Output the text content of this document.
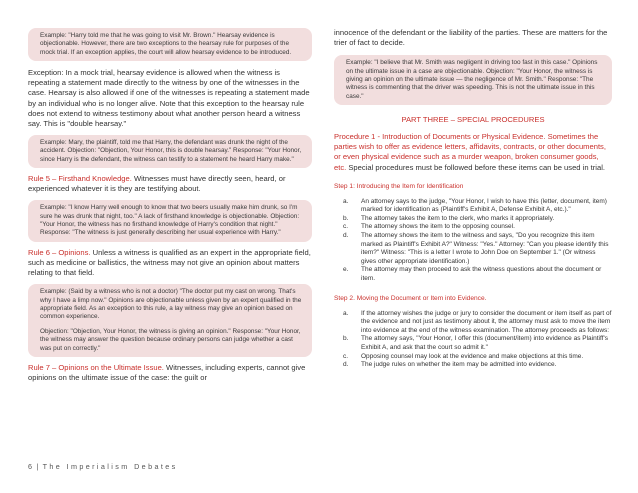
Example: "Harry told me that he was going to visit Mr. Brown." Hearsay evidence is objectionable. However, there are two exceptions to the hearsay rule for purposes of the mock trial. If an exception applies, the court will allow hearsay evidence to be introduced.

Exception: In a mock trial, hearsay evidence is allowed when the witness is repeating a statement made directly to the witness by one of the witnesses in the case. Hearsay is also allowed if one of the witnesses is repeating a statement made by an individual who is no longer alive. Note that this exception to the hearsay rule does not extend to witness testimony about what another person heard a witness say. This is "double hearsay."

Example: Mary, the plaintiff, told me that Harry, the defendant was drunk the night of the accident. Objection: "Objection, Your Honor, this is double hearsay." Response: "Your Honor, since Harry is the defendant, the witness can testify to a statement he heard Harry make."

Rule 5 – Firsthand Knowledge. Witnesses must have directly seen, heard, or experienced whatever it is they are testifying about.

Example: "I know Harry well enough to know that two beers usually make him drunk, so I'm sure he was drunk that night, too." A lack of firsthand knowledge is objectionable. Objection: "Your Honor, the witness has no firsthand knowledge of Harry's condition that night." Response: "The witness is just generally describing her usual experience with Harry."

Rule 6 – Opinions. Unless a witness is qualified as an expert in the appropriate field, such as medicine or ballistics, the witness may not give an opinion about matters relating to that field.

Example: (Said by a witness who is not a doctor) "The doctor put my cast on wrong. That's why I have a limp now." Opinions are objectionable unless given by an expert qualified in the appropriate field. As an exception to this rule, a lay witness may give an opinion based on common experience.

Objection: "Objection, Your Honor, the witness is giving an opinion." Response: "Your Honor, the witness may answer the question because ordinary persons can judge whether a cast was put on correctly."

Rule 7 – Opinions on the Ultimate Issue. Witnesses, including experts, cannot give opinions on the ultimate issue of the case: the guilt or

innocence of the defendant or the liability of the parties. These are matters for the trier of fact to decide.

Example: "I believe that Mr. Smith was negligent in driving too fast in this case." Opinions on the ultimate issue in a case are objectionable. Objection: "Your Honor, the witness is giving an opinion on the ultimate issue — the negligence of Mr. Smith." Response: "The witness is commenting that the driver was speeding. This is not the ultimate issue in this case."

PART THREE – SPECIAL PROCEDURES

Procedure 1 - Introduction of Documents or Physical Evidence. Sometimes the parties wish to offer as evidence letters, affidavits, contracts, or other documents, or even physical evidence such as a murder weapon, broken consumer goods, etc. Special procedures must be followed before these items can be used in trial.

Step 1: Introducing the Item for Identification

a. An attorney says to the judge, "Your Honor, I wish to have this (letter, document, item) marked for identification as (Plaintiff's Exhibit A, Defense Exhibit A, etc.)."
b. The attorney takes the item to the clerk, who marks it appropriately.
c. The attorney shows the item to the opposing counsel.
d. The attorney shows the item to the witness and says, "Do you recognize this item marked as Plaintiff's Exhibit A?" Witness: "Yes." Attorney: "Can you please identify this item?" Witness: "This is a letter I wrote to John Doe on September 1." (Or witness gives other appropriate identification.)
e. The attorney may then proceed to ask the witness questions about the document or item.

Step 2. Moving the Document or Item into Evidence.

a. If the attorney wishes the judge or jury to consider the document or item itself as part of the evidence and not just as testimony about it, the attorney must ask to move the item into evidence at the end of the witness examination. The attorney proceeds as follows:
b. The attorney says, "Your Honor, I offer this (document/item) into evidence as Plaintiff's Exhibit A, and ask that the court so admit it."
c. Opposing counsel may look at the evidence and make objections at this time.
d. The judge rules on whether the item may be admitted into evidence.
6 | The Imperialism Debates
